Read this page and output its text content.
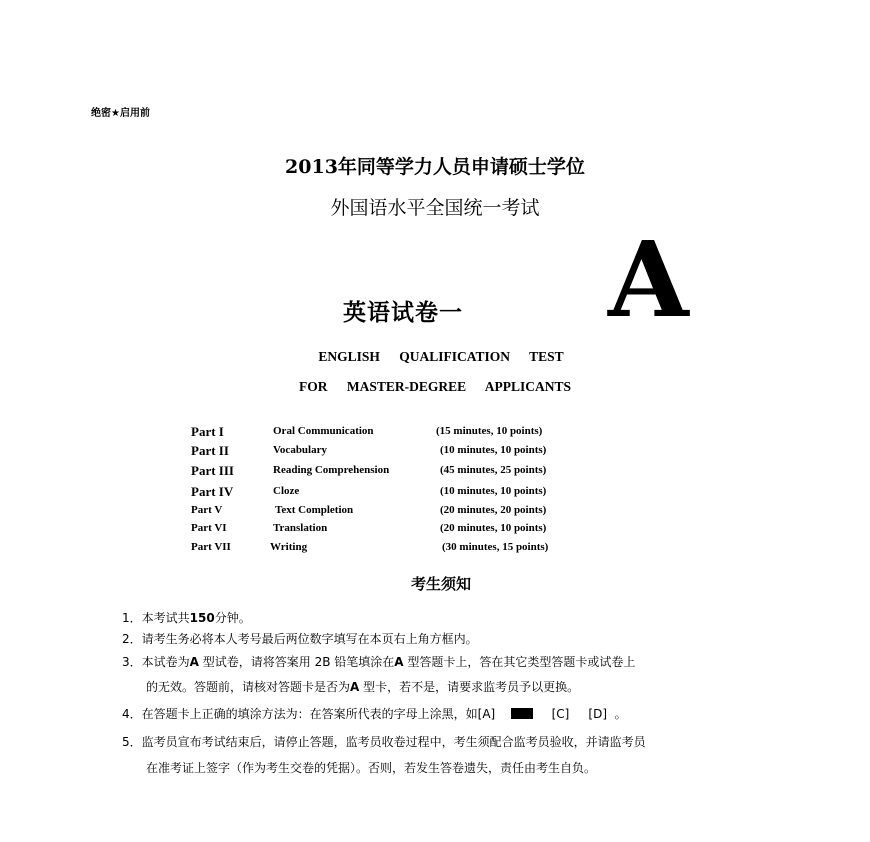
绝密★启用前
2013年同等学力人员申请硕士学位
外国语水平全国统一考试
英语试卷一 A
ENGLISH QUALIFICATION TEST
FOR MASTER-DEGREE APPLICANTS
Part I	Oral Communication	(15 minutes, 10 points)
Part II	Vocabulary	(10 minutes, 10 points)
Part III	Reading Comprehension	(45 minutes, 25 points)
Part IV	Cloze	(10 minutes, 10 points)
Part V	Text Completion	(20 minutes, 20 points)
Part VI	Translation	(20 minutes, 10 points)
Part VII	Writing	(30 minutes, 15 points)
考生须知
1．本考试共150分钟。
2．请考生务必将本人考号最后两位数字填写在本页右上角方框内。
3．本试卷为A 型试卷，请将答案用 2B 铅笔填涂在A 型答题卡上，答在其它类型答题卡或试卷上
的无效。答题前，请核对答题卡是否为A 型卡，若不是，请要求监考员予以更换。
4．在答题卡上正确的填涂方法为：在答案所代表的字母上涂黑，如[A]	[C] [D] 。
5．监考员宣布考试结束后，请停止答题，监考员收卷过程中，考生须配合监考员验收，并请监考员
在准考证上签字（作为考生交卷的凭据）。否则，若发生答卷遗失，责任由考生自负。
